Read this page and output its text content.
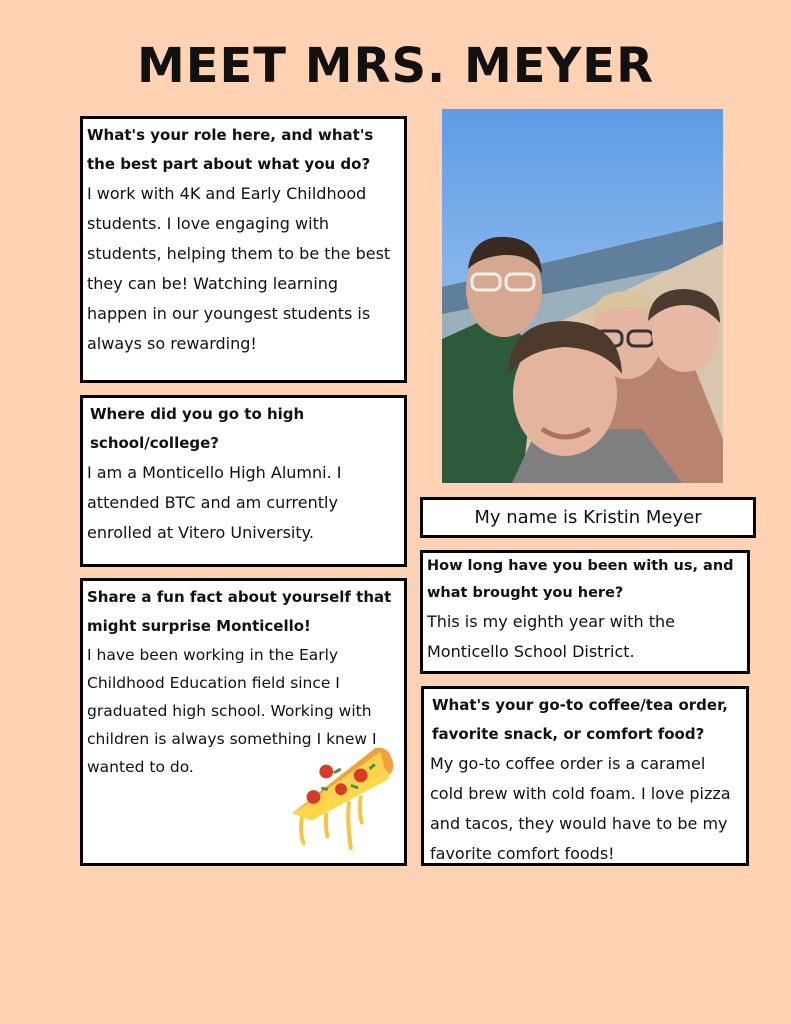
MEET MRS. MEYER

What's your role here, and what's the best part about what you do?

I work with 4K and Early Childhood students. I love engaging with students, helping them to be the best they can be! Watching learning happen in our youngest students is always so rewarding!

Where did you go to high school/college?

I am a Monticello High Alumni. I attended BTC and am currently enrolled at Vitero University.

Share a fun fact about yourself that might surprise Monticello!

I have been working in the Early Childhood Education field since I graduated high school. Working with children is always something I knew I wanted to do.

My name is Kristin Meyer

How long have you been with us, and what brought you here?

This is my eighth year with the Monticello School District.

What's your go-to coffee/tea order, favorite snack, or comfort food?

My go-to coffee order is a caramel cold brew with cold foam. I love pizza and tacos, they would have to be my favorite comfort foods!
